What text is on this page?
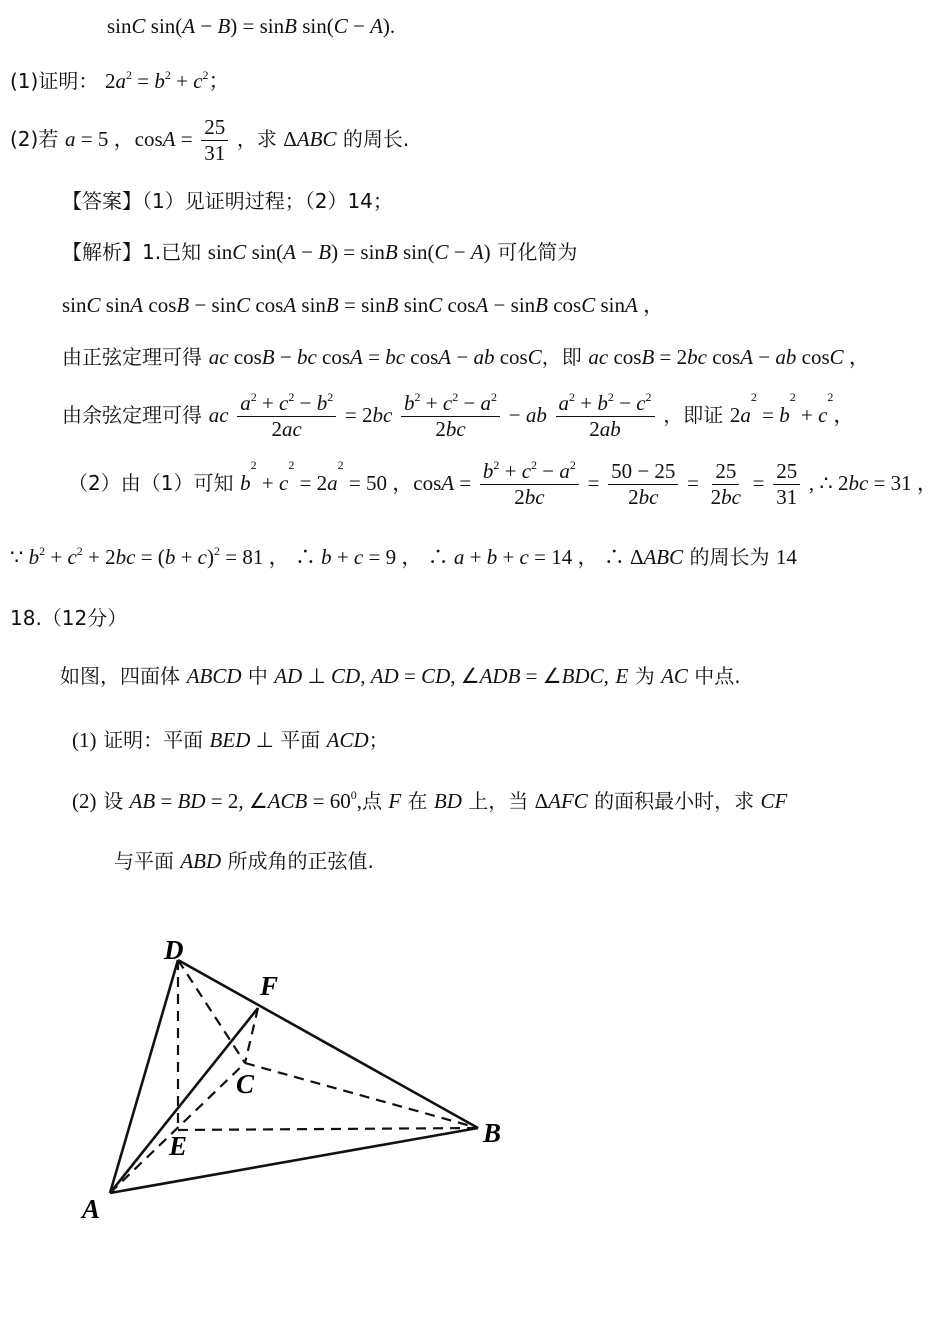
sinC sin(A − B) = sinB sin(C − A).
(1)证明： $2a^2 = b^2 + c^2$；
(2)若 a = 5 ，$\cos A = \frac{25}{31}$ ，求 ΔABC 的周长.
【答案】（1）见证明过程；（2）14；
【解析】1.已知 sinC sin(A − B) = sinB sin(C − A) 可化简为
sinC sinA cosB − sinC cosA sinB = sinB sinC cosA − sinB cosC sinA ，
由正弦定理可得 ac cosB − bc cosA = bc cosA − ab cosC，即 ac cosB = 2bc cosA − ab cosC ，
由余弦定理可得 ac $\frac{a^2 + c^2 - b^2}{2ac} = 2bc \frac{b^2 + c^2 - a^2}{2bc}$ − ab $\frac{a^2 + b^2 - c^2}{2ab}$ ，即证 $2a^2 = b^2 + c^2$，
（2）由（1）可知 $b^2 + c^2 = 2a^2 = 50$ ，$\cos A = \frac{b^2 + c^2 - a^2}{2bc} = \frac{50 - 25}{2bc} = \frac{25}{2bc} = \frac{25}{31}$ , ∴ 2bc = 31 ，
∵ $b^2 + c^2 + 2bc = (b + c)^2 = 81$ ， ∴ b + c = 9 ， ∴ a + b + c = 14 ， ∴ ΔABC 的周长为 14
18.（12分）
如图，四面体 ABCD 中 AD ⊥ CD, AD = CD, ∠ADB = ∠BDC, E 为 AC 中点.
(1) 证明：平面 BED ⊥ 平面 ACD；
(2) 设 AB = BD = 2, ∠ACB = $60^0$,点 F 在 BD 上，当 ΔAFC 的面积最小时，求 CF
与平面 ABD 所成角的正弦值.
D
F
C
B
E
A
